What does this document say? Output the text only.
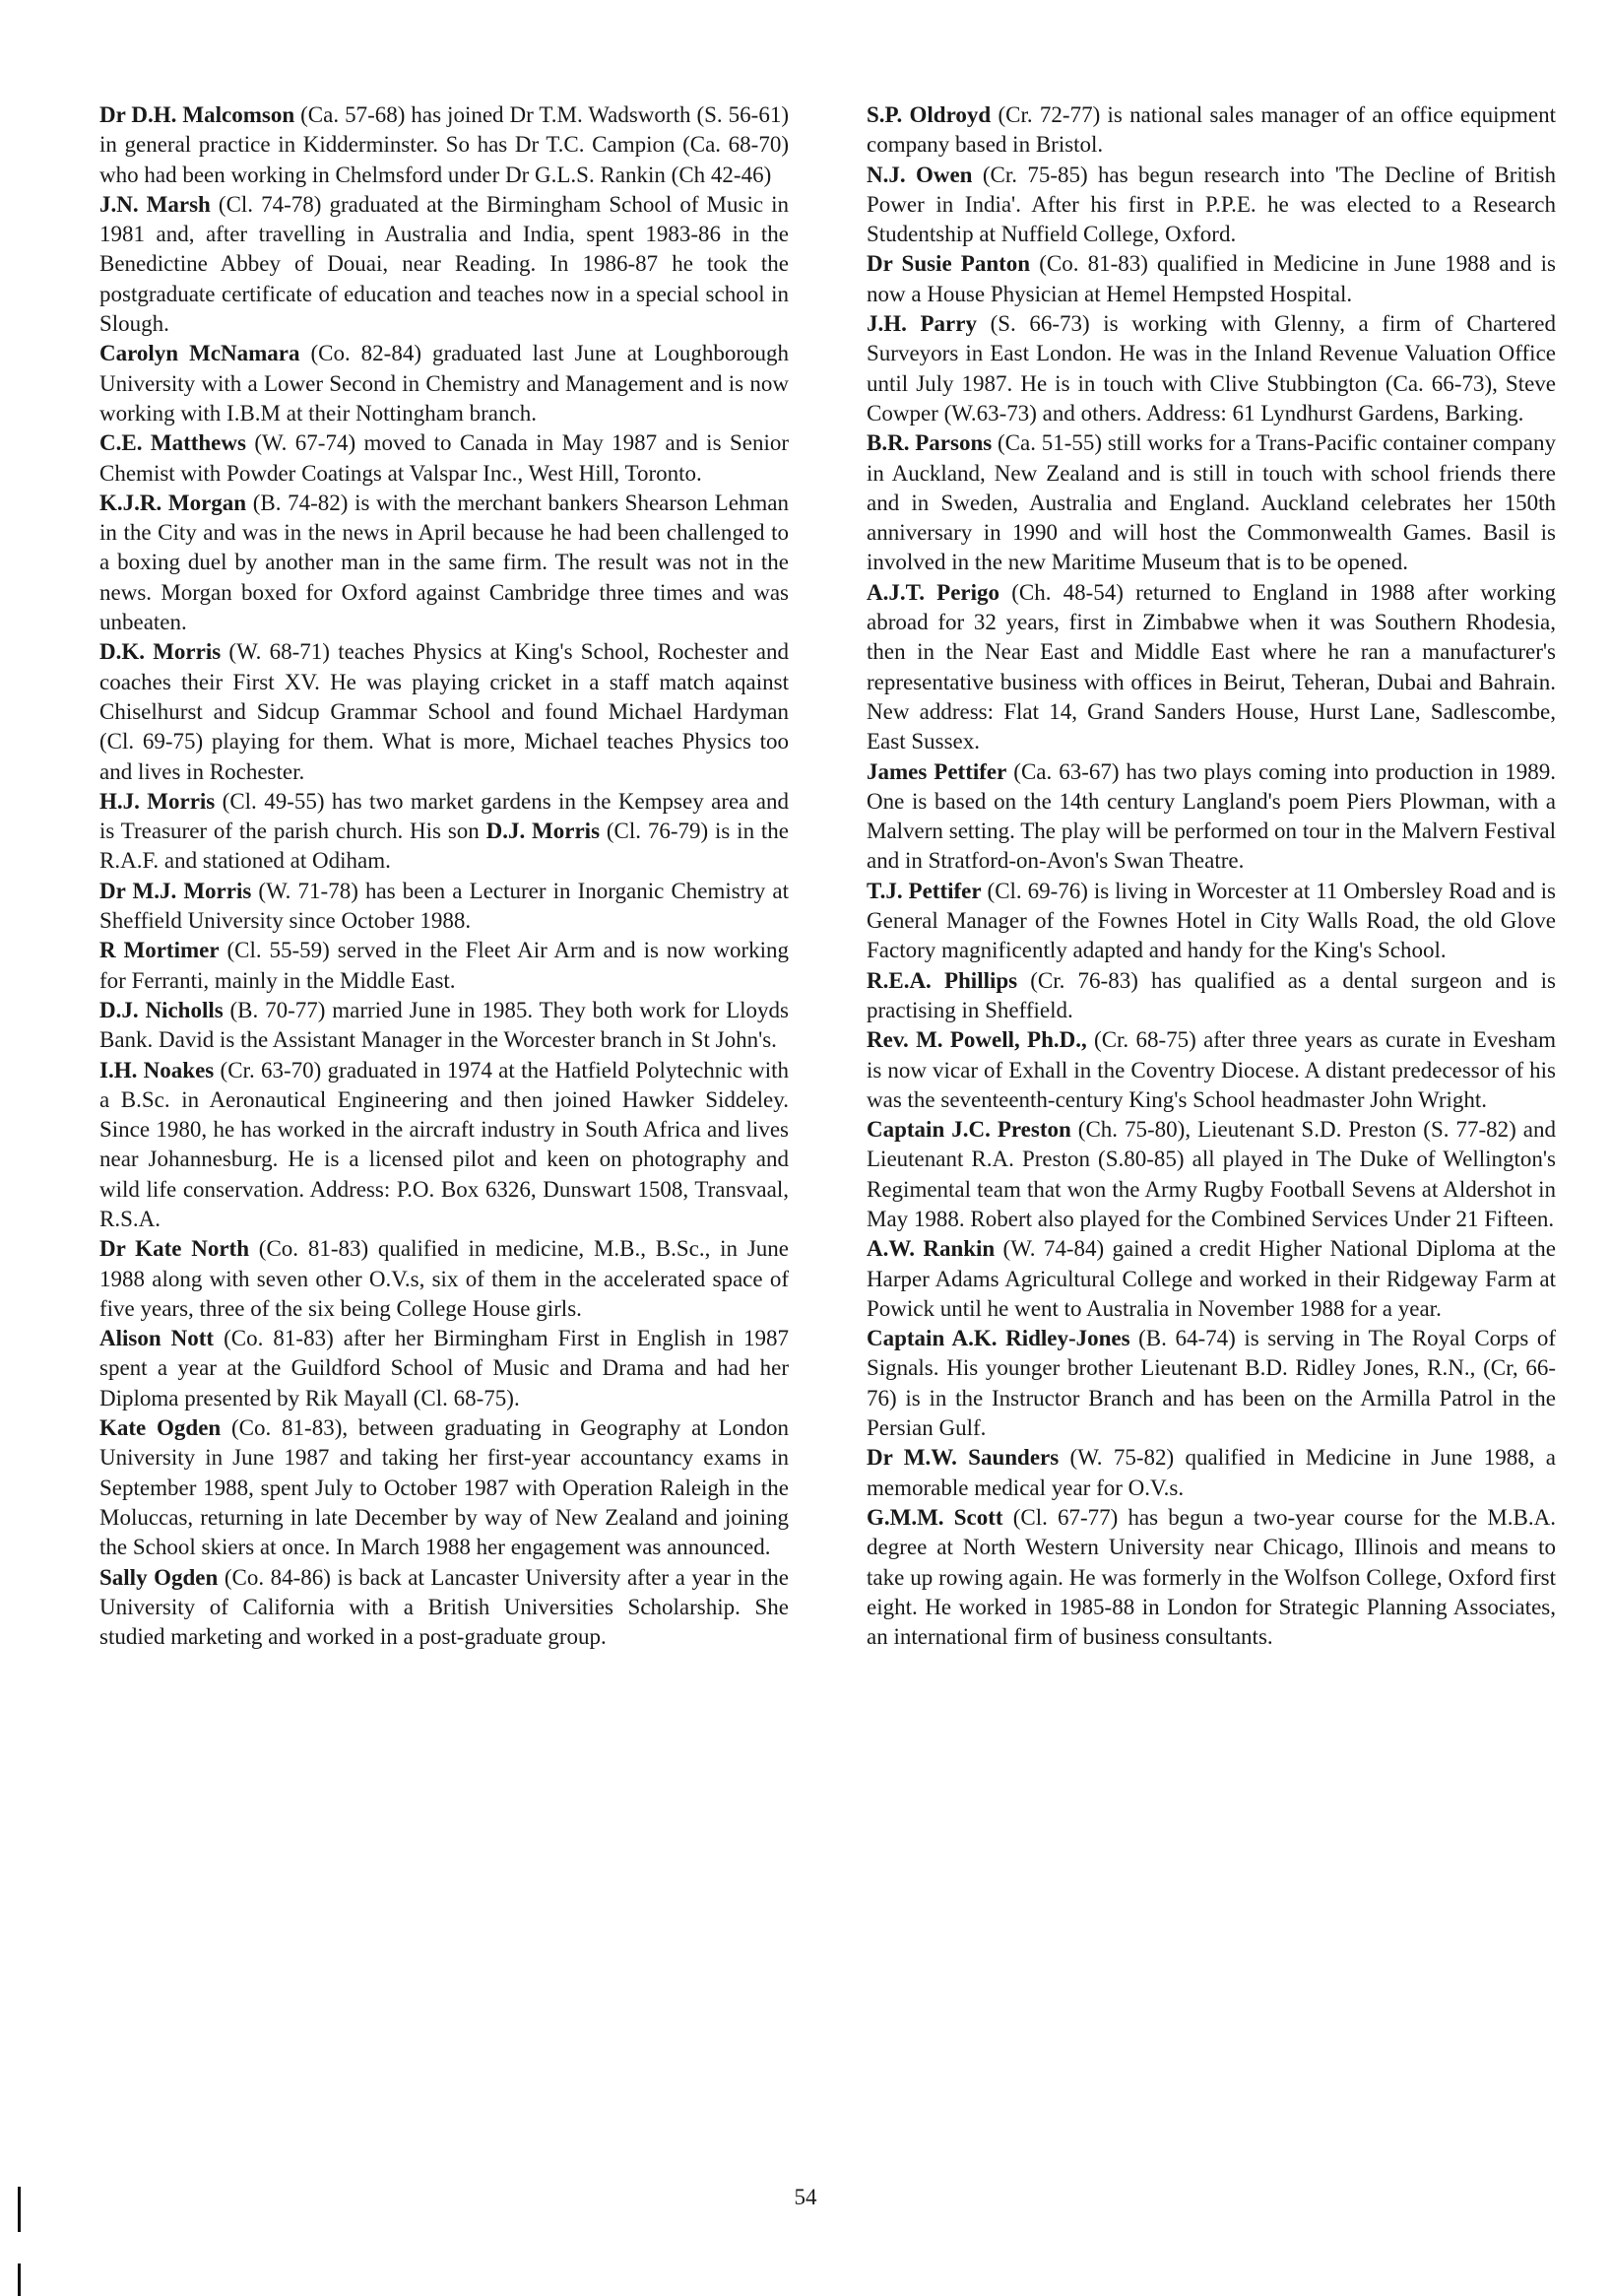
Dr D.H. Malcomson (Ca. 57-68) has joined Dr T.M. Wadsworth (S. 56-61) in general practice in Kidderminster. So has Dr T.C. Campion (Ca. 68-70) who had been working in Chelmsford under Dr G.L.S. Rankin (Ch 42-46)

J.N. Marsh (Cl. 74-78) graduated at the Birmingham School of Music in 1981 and, after travelling in Australia and India, spent 1983-86 in the Benedictine Abbey of Douai, near Reading. In 1986-87 he took the postgraduate certificate of education and teaches now in a special school in Slough.

Carolyn McNamara (Co. 82-84) graduated last June at Loughborough University with a Lower Second in Chemistry and Management and is now working with I.B.M at their Nottingham branch.

C.E. Matthews (W. 67-74) moved to Canada in May 1987 and is Senior Chemist with Powder Coatings at Valspar Inc., West Hill, Toronto.

K.J.R. Morgan (B. 74-82) is with the merchant bankers Shearson Lehman in the City and was in the news in April because he had been challenged to a boxing duel by another man in the same firm. The result was not in the news. Morgan boxed for Oxford against Cambridge three times and was unbeaten.

D.K. Morris (W. 68-71) teaches Physics at King's School, Rochester and coaches their First XV. He was playing cricket in a staff match aqainst Chiselhurst and Sidcup Grammar School and found Michael Hardyman (Cl. 69-75) playing for them. What is more, Michael teaches Physics too and lives in Rochester.

H.J. Morris (Cl. 49-55) has two market gardens in the Kempsey area and is Treasurer of the parish church. His son D.J. Morris (Cl. 76-79) is in the R.A.F. and stationed at Odiham.

Dr M.J. Morris (W. 71-78) has been a Lecturer in Inorganic Chemistry at Sheffield University since October 1988.

R Mortimer (Cl. 55-59) served in the Fleet Air Arm and is now working for Ferranti, mainly in the Middle East.

D.J. Nicholls (B. 70-77) married June in 1985. They both work for Lloyds Bank. David is the Assistant Manager in the Worcester branch in St John's.

I.H. Noakes (Cr. 63-70) graduated in 1974 at the Hatfield Polytechnic with a B.Sc. in Aeronautical Engineering and then joined Hawker Siddeley. Since 1980, he has worked in the aircraft industry in South Africa and lives near Johannesburg. He is a licensed pilot and keen on photography and wild life conservation. Address: P.O. Box 6326, Dunswart 1508, Transvaal, R.S.A.

Dr Kate North (Co. 81-83) qualified in medicine, M.B., B.Sc., in June 1988 along with seven other O.V.s, six of them in the accelerated space of five years, three of the six being College House girls.

Alison Nott (Co. 81-83) after her Birmingham First in English in 1987 spent a year at the Guildford School of Music and Drama and had her Diploma presented by Rik Mayall (Cl. 68-75).

Kate Ogden (Co. 81-83), between graduating in Geography at London University in June 1987 and taking her first-year accountancy exams in September 1988, spent July to October 1987 with Operation Raleigh in the Moluccas, returning in late December by way of New Zealand and joining the School skiers at once. In March 1988 her engagement was announced.

Sally Ogden (Co. 84-86) is back at Lancaster University after a year in the University of California with a British Universities Scholarship. She studied marketing and worked in a post-graduate group.

S.P. Oldroyd (Cr. 72-77) is national sales manager of an office equipment company based in Bristol.

N.J. Owen (Cr. 75-85) has begun research into 'The Decline of British Power in India'. After his first in P.P.E. he was elected to a Research Studentship at Nuffield College, Oxford.

Dr Susie Panton (Co. 81-83) qualified in Medicine in June 1988 and is now a House Physician at Hemel Hempsted Hospital.

J.H. Parry (S. 66-73) is working with Glenny, a firm of Chartered Surveyors in East London. He was in the Inland Revenue Valuation Office until July 1987. He is in touch with Clive Stubbington (Ca. 66-73), Steve Cowper (W.63-73) and others. Address: 61 Lyndhurst Gardens, Barking.

B.R. Parsons (Ca. 51-55) still works for a Trans-Pacific container company in Auckland, New Zealand and is still in touch with school friends there and in Sweden, Australia and England. Auckland celebrates her 150th anniversary in 1990 and will host the Commonwealth Games. Basil is involved in the new Maritime Museum that is to be opened.

A.J.T. Perigo (Ch. 48-54) returned to England in 1988 after working abroad for 32 years, first in Zimbabwe when it was Southern Rhodesia, then in the Near East and Middle East where he ran a manufacturer's representative business with offices in Beirut, Teheran, Dubai and Bahrain. New address: Flat 14, Grand Sanders House, Hurst Lane, Sadlescombe, East Sussex.

James Pettifer (Ca. 63-67) has two plays coming into production in 1989. One is based on the 14th century Langland's poem Piers Plowman, with a Malvern setting. The play will be performed on tour in the Malvern Festival and in Stratford-on-Avon's Swan Theatre.

T.J. Pettifer (Cl. 69-76) is living in Worcester at 11 Ombersley Road and is General Manager of the Fownes Hotel in City Walls Road, the old Glove Factory magnificently adapted and handy for the King's School.

R.E.A. Phillips (Cr. 76-83) has qualified as a dental surgeon and is practising in Sheffield.

Rev. M. Powell, Ph.D., (Cr. 68-75) after three years as curate in Evesham is now vicar of Exhall in the Coventry Diocese. A distant predecessor of his was the seventeenth-century King's School headmaster John Wright.

Captain J.C. Preston (Ch. 75-80), Lieutenant S.D. Preston (S. 77-82) and Lieutenant R.A. Preston (S.80-85) all played in The Duke of Wellington's Regimental team that won the Army Rugby Football Sevens at Aldershot in May 1988. Robert also played for the Combined Services Under 21 Fifteen.

A.W. Rankin (W. 74-84) gained a credit Higher National Diploma at the Harper Adams Agricultural College and worked in their Ridgeway Farm at Powick until he went to Australia in November 1988 for a year.

Captain A.K. Ridley-Jones (B. 64-74) is serving in The Royal Corps of Signals. His younger brother Lieutenant B.D. Ridley Jones, R.N., (Cr, 66-76) is in the Instructor Branch and has been on the Armilla Patrol in the Persian Gulf.

Dr M.W. Saunders (W. 75-82) qualified in Medicine in June 1988, a memorable medical year for O.V.s.

G.M.M. Scott (Cl. 67-77) has begun a two-year course for the M.B.A. degree at North Western University near Chicago, Illinois and means to take up rowing again. He was formerly in the Wolfson College, Oxford first eight. He worked in 1985-88 in London for Strategic Planning Associates, an international firm of business consultants.

54
